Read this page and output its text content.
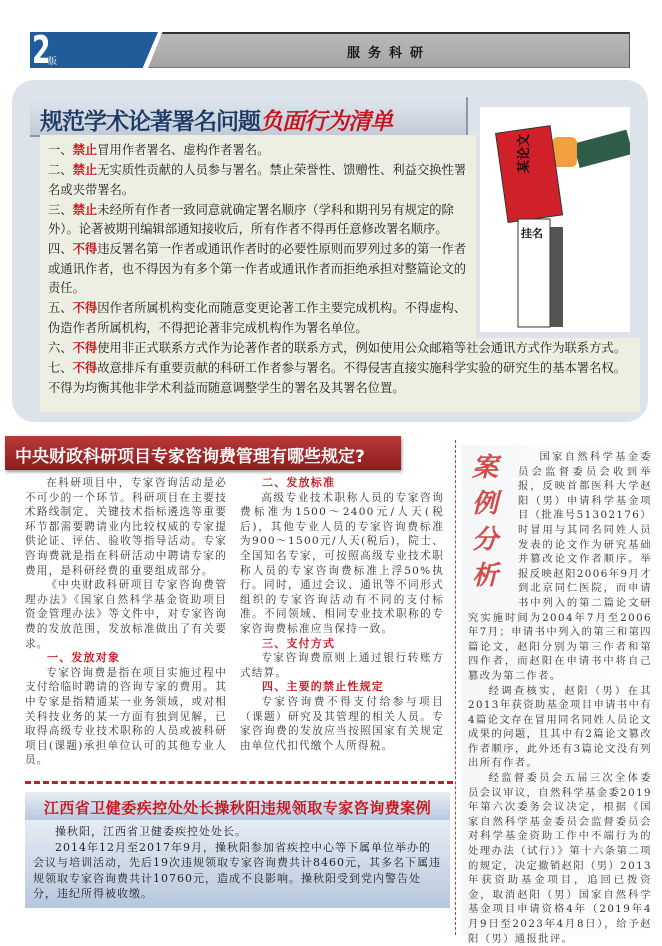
2
版
服务科研
规范学术论著署名问题负面行为清单
一、禁止冒用作者署名、虚构作者署名。
二、禁止无实质性贡献的人员参与署名。禁止荣誉性、馈赠性、利益交换性署名或夹带署名。
三、禁止未经所有作者一致同意就确定署名顺序（学科和期刊另有规定的除外）。论著被期刊编辑部通知接收后，所有作者不得再任意修改署名顺序。
四、不得违反署名第一作者或通讯作者时的必要性原则而罗列过多的第一作者或通讯作者，也不得因为有多个第一作者或通讯作者而拒绝承担对整篇论文的责任。
五、不得因作者所属机构变化而随意变更论著工作主要完成机构。不得虚构、伪造作者所属机构，不得把论著非完成机构作为署名单位。
六、不得使用非正式联系方式作为论著作者的联系方式，例如使用公众邮箱等社会通讯方式作为联系方式。
七、不得故意排斥有重要贡献的科研工作者参与署名。不得侵害直接实施科学实验的研究生的基本署名权。不得为均衡其他非学术利益而随意调整学生的署名及其署名位置。
某论文
挂名
学术造假
中央财政科研项目专家咨询费管理有哪些规定?

在科研项目中，专家咨询活动是必不可少的一个环节。科研项目在主要技术路线制定、关键技术指标遴选等重要环节都需要聘请业内比较权威的专家提供论证、评估、验收等指导活动。专家咨询费就是指在科研活动中聘请专家的费用，是科研经费的重要组成部分。

《中央财政科研项目专家咨询费管理办法》《国家自然科学基金资助项目资金管理办法》等文件中，对专家咨询费的发放范围，发放标准做出了有关要求。

一、发放对象

专家咨询费是指在项目实施过程中支付给临时聘请的咨询专家的费用。其中专家是指精通某一业务领域，或对相关科技业务的某一方面有独到见解，已取得高级专业技术职称的人员或被科研项目(课题)承担单位认可的其他专业人员。

二、发放标准

高级专业技术职称人员的专家咨询费标准为1500～2400元/人天(税后)，其他专业人员的专家咨询费标准为900～1500元/人天(税后)，院士、全国知名专家，可按照高级专业技术职称人员的专家咨询费标准上浮50%执行。同时，通过会议、通讯等不同形式组织的专家咨询活动有不同的支付标准。不同领域、相同专业技术职称的专家咨询费标准应当保持一致。

三、支付方式

专家咨询费原则上通过银行转账方式结算。

四、主要的禁止性规定

专家咨询费不得支付给参与项目（课题）研究及其管理的相关人员。专家咨询费的发放应当按照国家有关规定由单位代扣代缴个人所得税。

江西省卫健委疾控处处长操秋阳违规领取专家咨询费案例

操秋阳，江西省卫健委疾控处处长。

2014年12月至2017年9月，操秋阳参加省疾控中心等下属单位举办的会议与培训活动，先后19次违规领取专家咨询费共计8460元，其多名下属违规领取专家咨询费共计10760元，造成不良影响。操秋阳受到党内警告处分，违纪所得被收缴。

案
例
分
析
国家自然科学基金委员会监督委员会收到举报，反映首都医科大学赵阳（男）申请科学基金项目（批准号51302176）时冒用与其同名同姓人员发表的论文作为研究基础并篡改论文作者顺序。举报反映赵阳2006年9月才到北京同仁医院，而申请书中列入的第二篇论文研究实施时间为2004年7月至2006年7月；申请书中列入的第三和第四篇论文，赵阳分别为第三作者和第四作者，而赵阳在申请书中将自己篡改为第二作者。

经调查核实，赵阳（男）在其2013年获资助基金项目申请书中有4篇论文存在冒用同名同姓人员论文成果的问题，且其中有2篇论文篡改作者顺序，此外还有3篇论文没有列出所有作者。

经监督委员会五届三次全体委员会议审议，自然科学基金委2019年第六次委务会议决定，根据《国家自然科学基金委员会监督委员会对科学基金资助工作中不端行为的处理办法（试行）》第十六条第二项的规定，决定撤销赵阳（男）2013年获资助基金项目，追回已拨资金，取消赵阳（男）国家自然科学基金项目申请资格4年（2019年4月9日至2023年4月8日），给予赵阳（男）通报批评。
